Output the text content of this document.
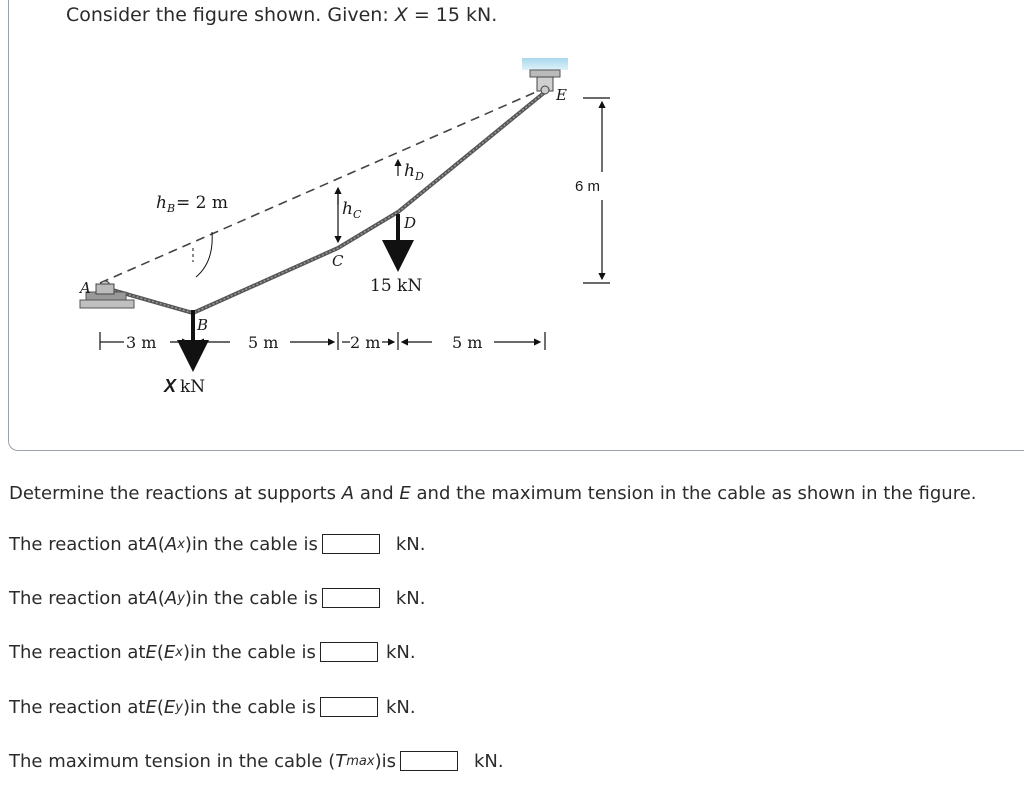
Consider the figure shown. Given: X = 15 kN.
A
E
6 m
B
X kN
h B = 2 m	h C
C
h D
D
15 kN
3 m	5 m	2 m	5 m
Determine the reactions at supports A and E and the maximum tension in the cable as shown in the figure.
The reaction at A ( A x ) in the cable is	kN.
The reaction at A ( A y ) in the cable is	kN.
The reaction at E ( E x ) in the cable is	kN.
The reaction at E ( E y ) in the cable is	kN.
The maximum tension in the cable ( T max ) is	kN.
